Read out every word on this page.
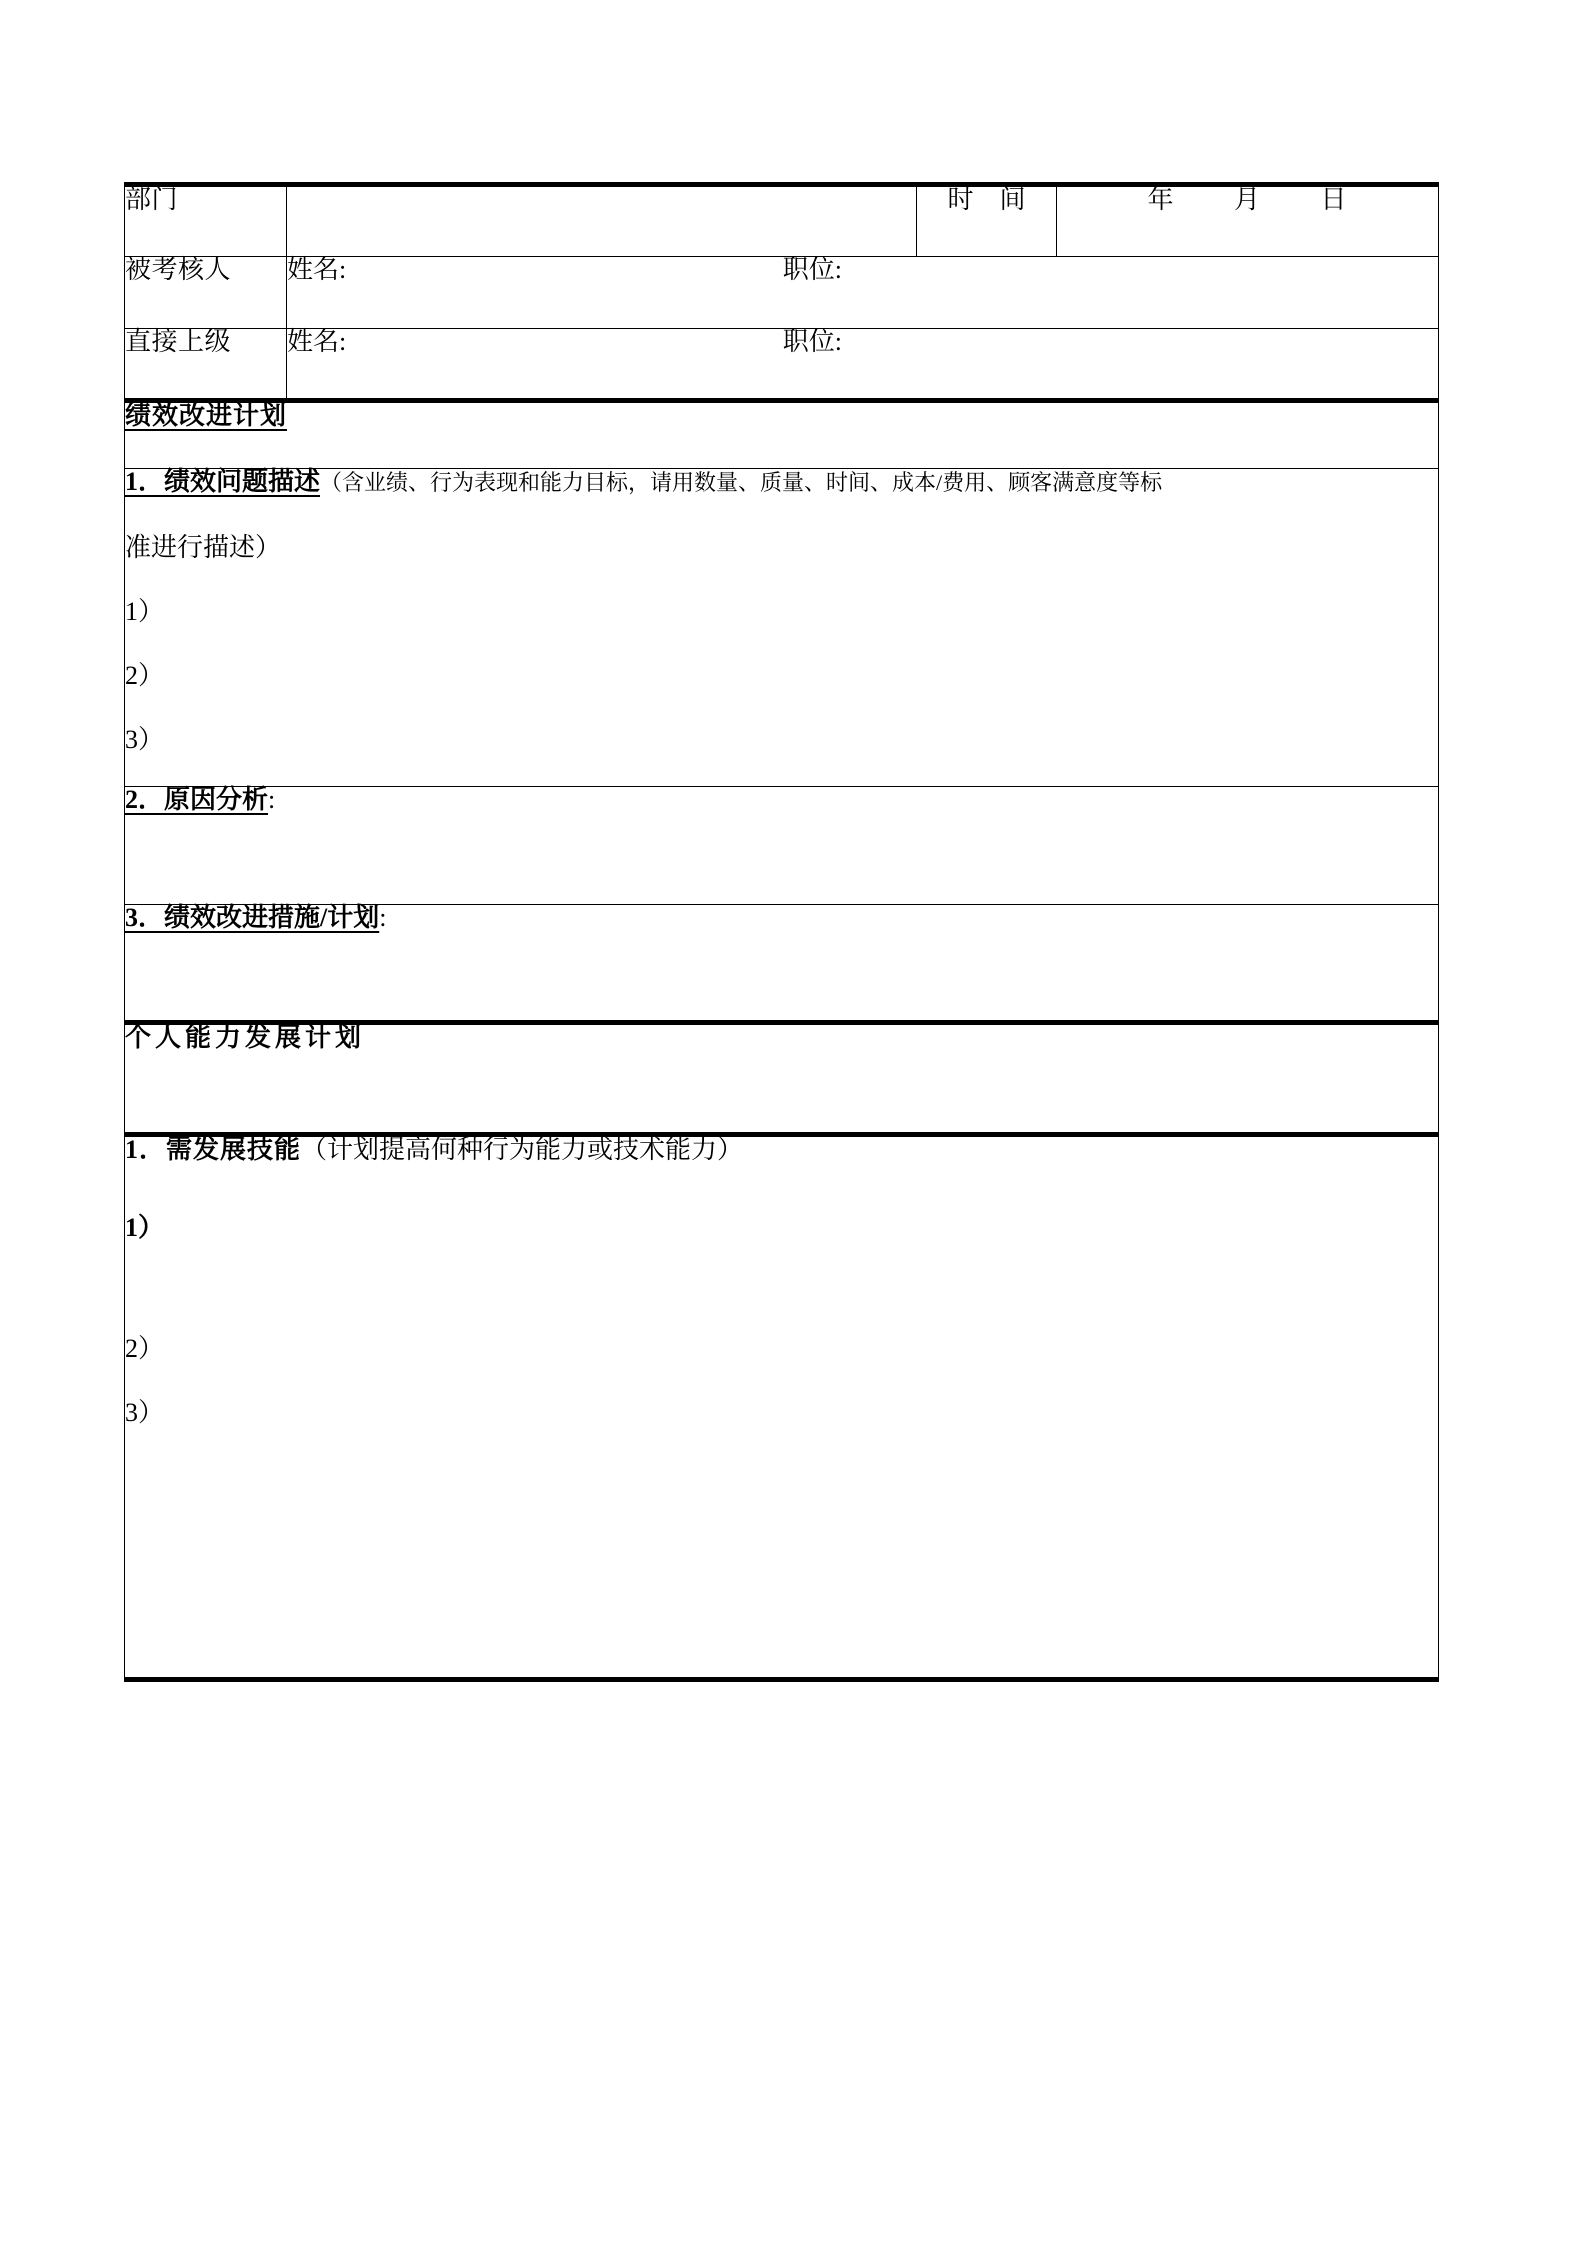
部门		时　间	年 月 日
被考核人	姓名: 职位:		
直接上级	姓名: 职位:		
绩效改进计划			
1．绩效问题描述（含业绩、行为表现和能力目标，请用数量、质量、时间、成本/费用、顾客满意度等标
准进行描述）
1）
2）
3）			

2．原因分析:			
3．绩效改进措施/计划:			
个人能力发展计划			
1．需发展技能（计划提高何种行为能力或技术能力）
1）
2）
3）			
